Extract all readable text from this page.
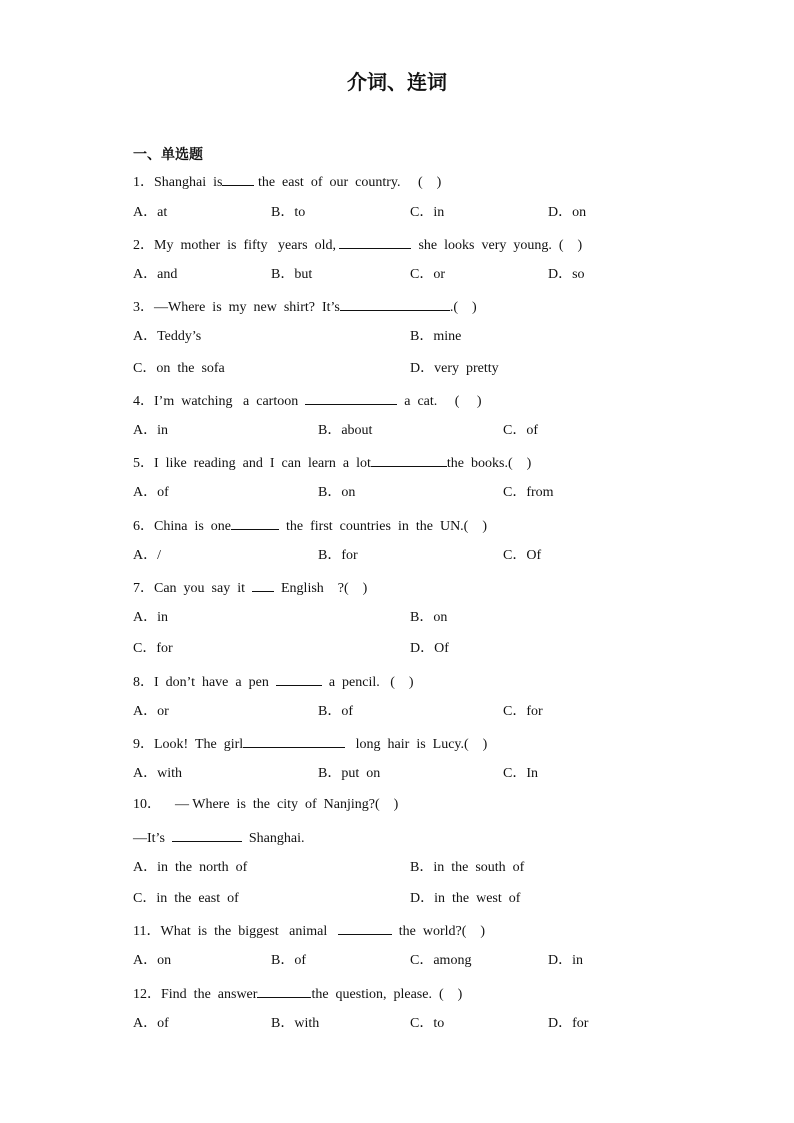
介词、连词
一、单选题
1．Shanghai  is the  east  of  our  country.     (    )
A．at	B．to	C．in	D．on
2．My  mother  is  fifty   years  old,	she  looks  very  young.  (    )
A．and	B．but	C．or	D．so
3．—Where  is  my  new  shirt?  It’s	.(    )
A．Teddy’s	B．mine
C．on  the  sofa	D．very  pretty
4．I’m  watching   a  cartoon	a  cat.     (     )
A．in	B．about	C．of
5．I  like  reading  and  I  can  learn  a  lot	the  books.(    )
A．of	B．on	C．from
6．China  is  one	the  first  countries  in  the  UN.(    )
A．/	B．for	C．Of
7．Can  you  say  it    English    ?(    )
A．in	B．on
C．for	D．Of
8．I  don’t  have  a  pen	a  pencil.   (    )
A．or	B．of	C．for
9．Look!  The  girl	long  hair  is  Lucy.(    )
A．with	B．put  on	C．In
10．    — Where  is  the  city  of  Nanjing?(    )
—It’s	Shanghai.
A．in  the  north  of	B．in  the  south  of
C．in  the  east  of	D．in  the  west  of
11．What  is  the  biggest   animal	the  world?(    )
A．on	B．of	C．among	D．in
12．Find  the  answer	the  question,  please.  (    )
A．of	B．with	C．to	D．for
